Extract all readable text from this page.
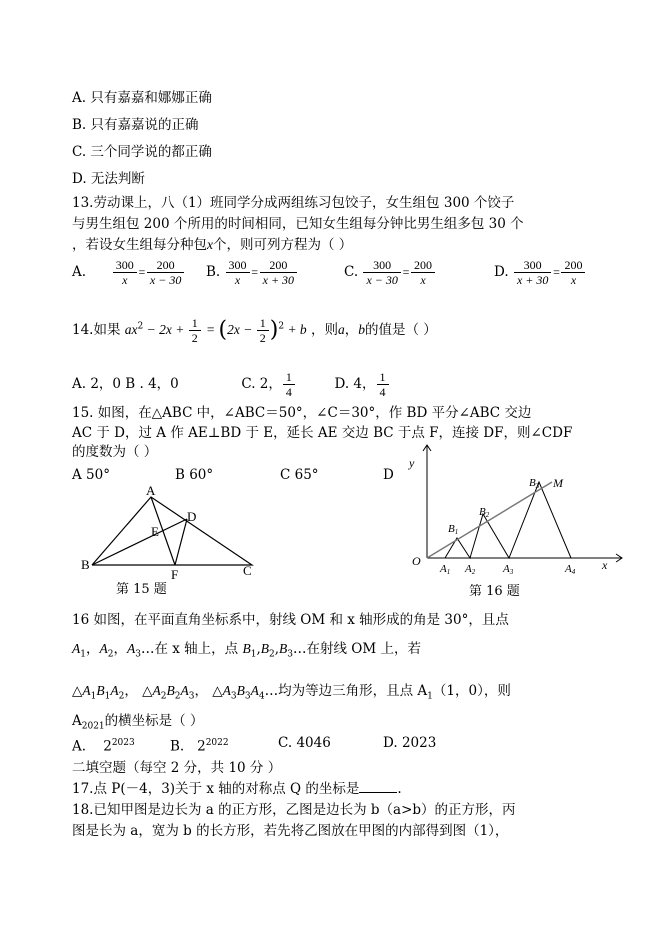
A. 只有嘉嘉和娜娜正确
B. 只有嘉嘉说的正确
C. 三个同学说的都正确
D. 无法判断
13.劳动课上，八（1）班同学分成两组练习包饺子，女生组包 300 个饺子
与男生组包 200 个所用的时间相同，已知女生组每分钟比男生组多包 30 个
，若设女生组每分种包x个，则可列方程为（ ）
A. $\frac{300}{x} = \frac{200}{x - 30} B$. $\frac{300}{x} = \frac{200}{x + 30}$	C. $\frac{300}{x - 30} = \frac{200}{x}$	D. $\frac{300}{x + 30} = \frac{200}{x}$
14.如果 $ax^2 - 2x + \frac{1}{2} = (2x - \frac{1}{2} )^2 + b$ ，则a，b的值是（ ）
A. 2，0 B . 4，0	C. 2， $\frac{1}{4}$	D. 4， $\frac{1}{4}$
15. 如图，在△ABC 中，∠ABC＝50°，∠C＝30°，作 BD 平分∠ABC 交边
AC 于 D，过 A 作 AE⊥BD 于 E，延长 AE 交边 BC 于点 F，连接 DF，则∠CDF
的度数为（ ）
A 50°	B 60°	C 65°	D
A
B	C
D
E
F
第 15 题
y
x
O
M
A1 A2	A3	A4
B1
B2
B3
第 16 题
16 如图，在平面直角坐标系中，射线 OM 和 x 轴形成的角是 30°，且点
$A_1$，$A_2$，$A_3\dots$在 x 轴上，点 $B_1,B_2,B_3\dots$在射线 OM 上，若
$\triangle A_1B_1A_2$， $\triangle A_2B_2A_3$， $\triangle A_3B_3A_4\dots$均为等边三角形，且点 $A_1(1$，0），则
$A_{2021}$的横坐标是（ ）
A. $2^{2023}$	B. $2^{2022}$	C. 4046	D. 2023
二填空题（每空 2 分，共 10 分 ）
17.点 P(－4，3)关于 x 轴的对称点 Q 的坐标是	.
18.已知甲图是边长为 a 的正方形，乙图是边长为 b（a>b）的正方形，丙
图是长为 a，宽为 b 的长方形，若先将乙图放在甲图的内部得到图（1），
